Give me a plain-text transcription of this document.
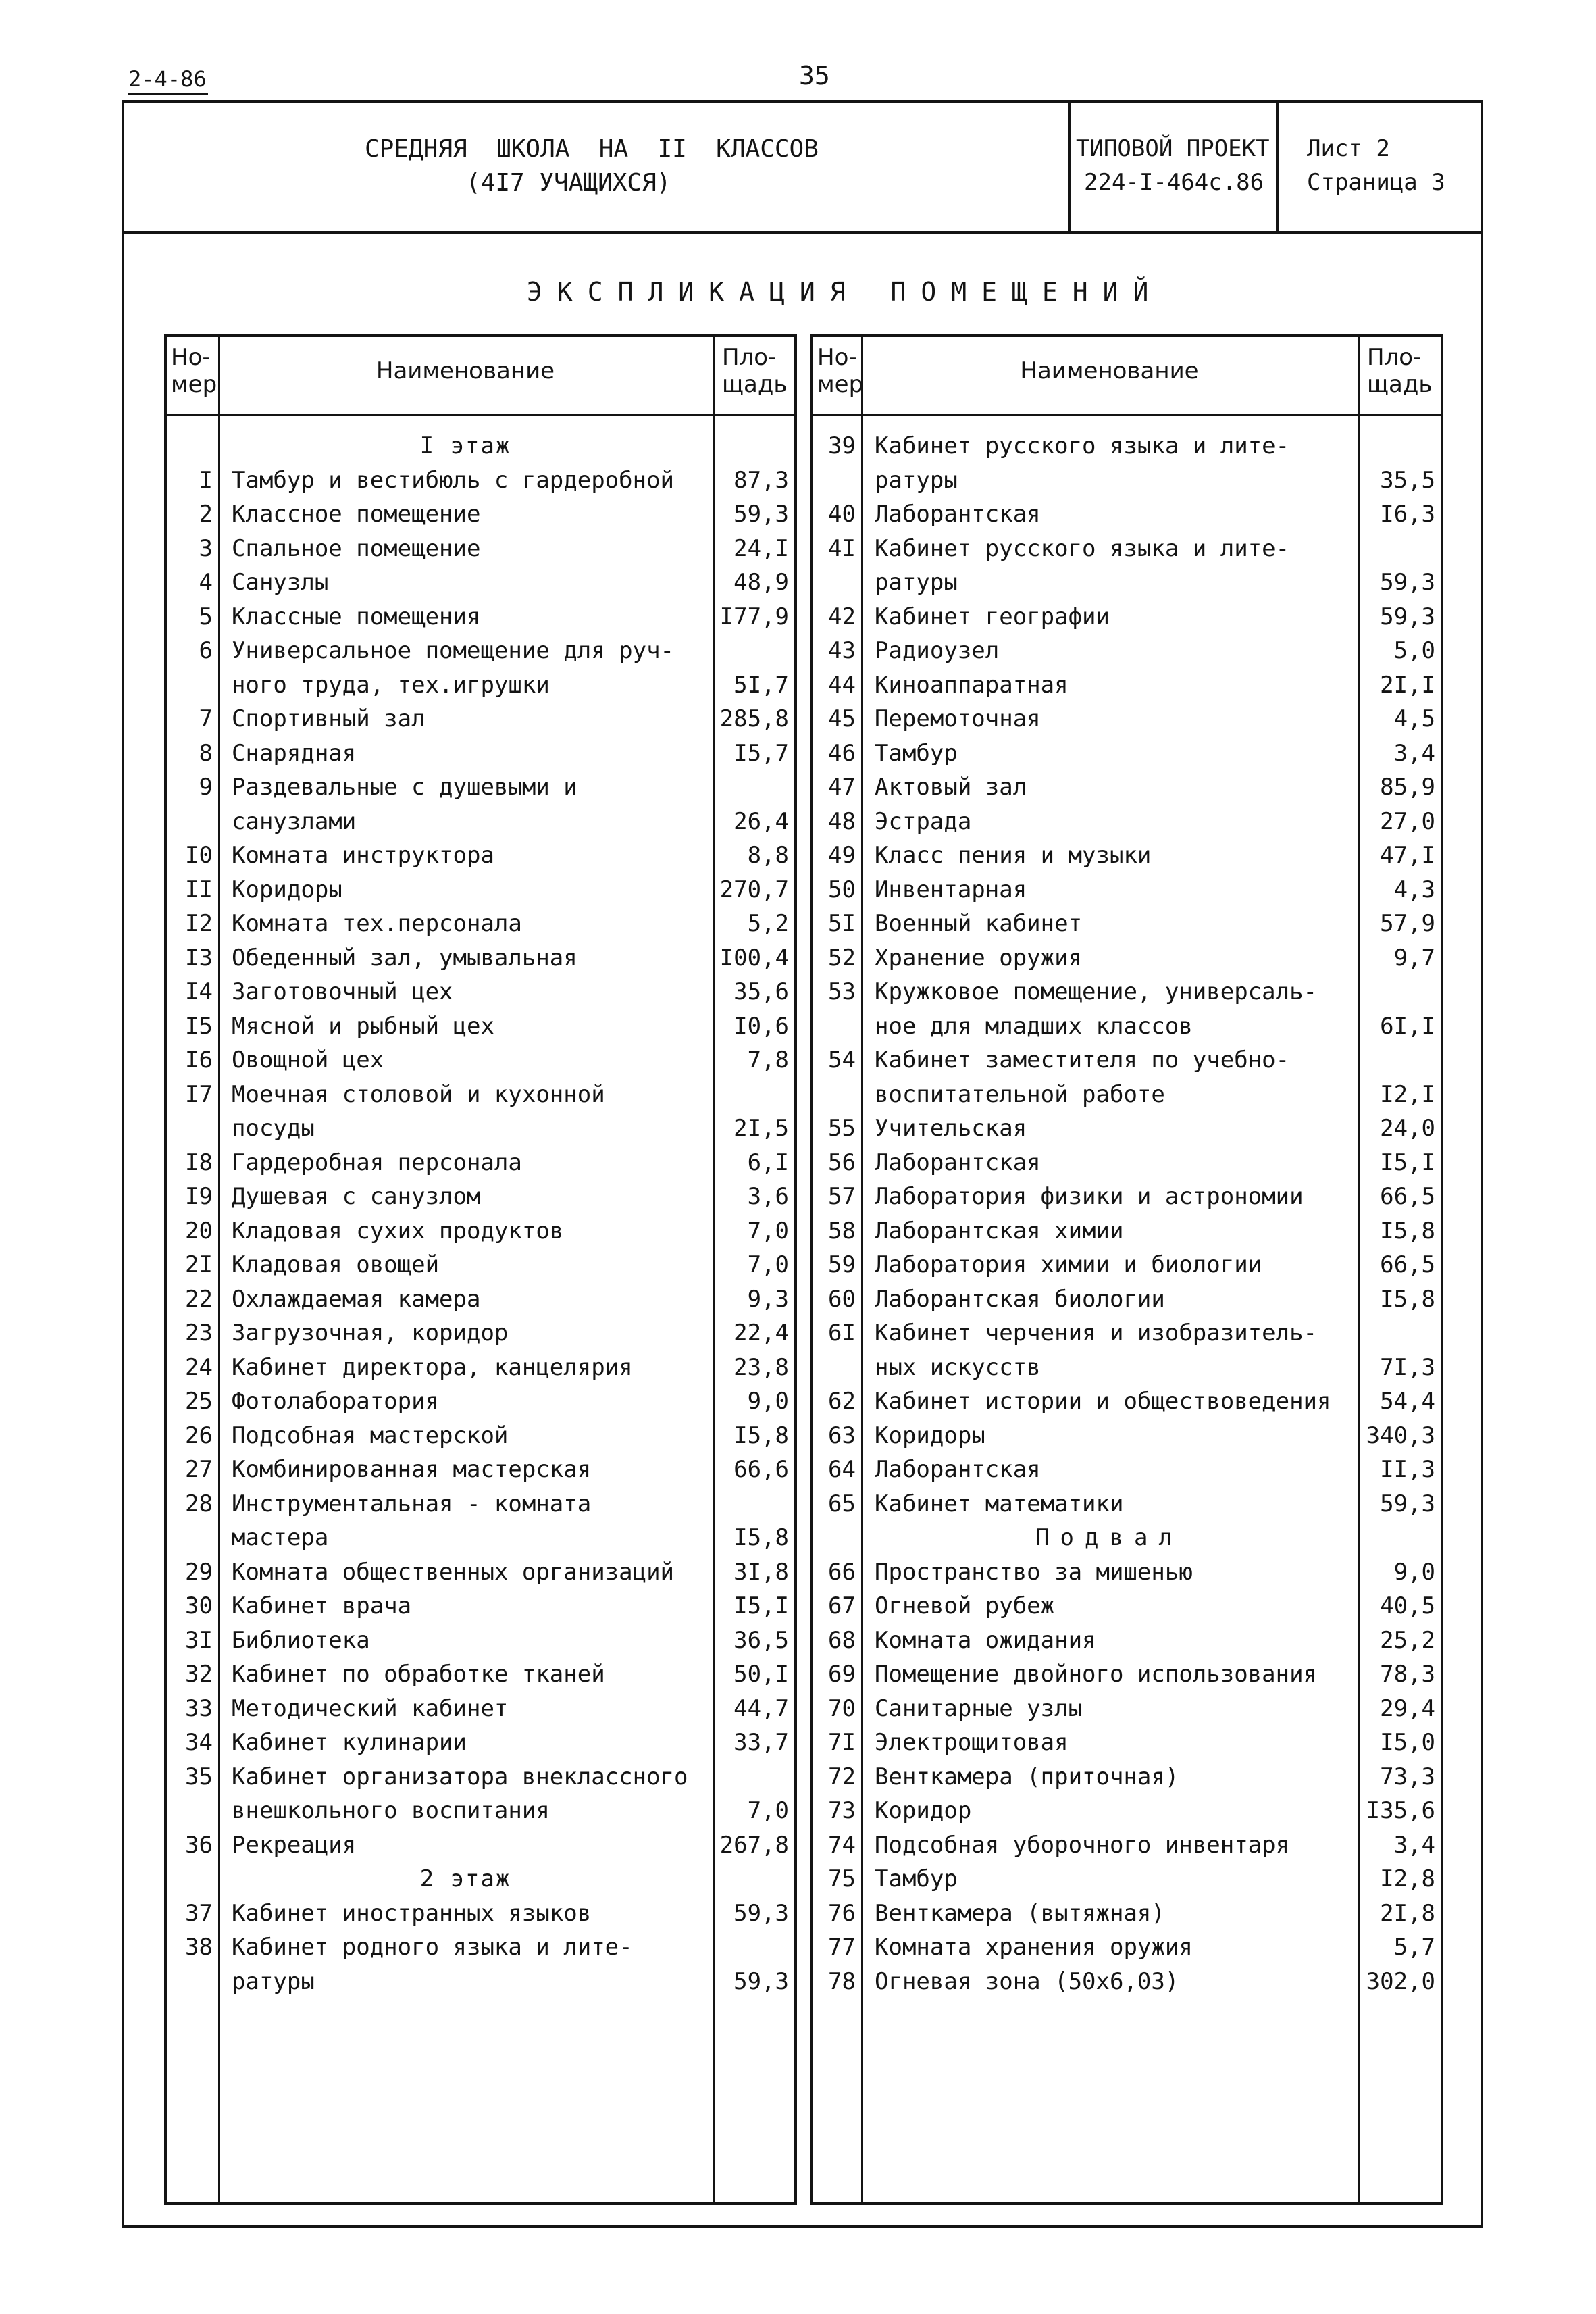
2-4-86	35
СРЕДНЯЯ  ШКОЛА  НА  II  КЛАССОВ
(4I7 УЧАЩИХСЯ)
ТИПОВОЙ ПРОЕКТ
224-I-464с.86
Лист 2
Страница 3
ЭКСПЛИКАЦИЯ ПОМЕЩЕНИЙ
Но-
мер	Наименование	Пло-
щадь
I этаж
I Тамбур и вестибюль с гардеробной	87,3
2 Классное помещение	59,3
3 Спальное помещение	24,I
4 Санузлы	48,9
5 Классные помещения	I77,9
6 Универсальное помещение для руч-
ного труда, тех.игрушки	5I,7
7 Спортивный зал	285,8
8 Снарядная	I5,7
9 Раздевальные с душевыми и
санузлами	26,4
I0 Комната инструктора	8,8
II Коридоры	270,7
I2 Комната тех.персонала	5,2
I3 Обеденный зал, умывальная	I00,4
I4 Заготовочный цех	35,6
I5 Мясной и рыбный цех	I0,6
I6 Овощной цех	7,8
I7 Моечная столовой и кухонной
посуды	2I,5
I8 Гардеробная персонала	6,I
I9 Душевая с санузлом	3,6
20 Кладовая сухих продуктов	7,0
2I Кладовая овощей	7,0
22 Охлаждаемая камера	9,3
23 Загрузочная, коридор	22,4
24 Кабинет директора, канцелярия	23,8
25 Фотолаборатория	9,0
26 Подсобная мастерской	I5,8
27 Комбинированная мастерская	66,6
28 Инструментальная - комната
мастера	I5,8
29 Комната общественных организаций	3I,8
30 Кабинет врача	I5,I
3I Библиотека	36,5
32 Кабинет по обработке тканей	50,I
33 Методический кабинет	44,7
34 Кабинет кулинарии	33,7
35 Кабинет организатора внеклассного
внешкольного воспитания	7,0
36 Рекреация	267,8
2 этаж
37 Кабинет иностранных языков	59,3
38 Кабинет родного языка и лите-
ратуры	59,3
Но-
мер	Наименование	Пло-
щадь
39 Кабинет русского языка и лите-
ратуры	35,5
40 Лаборантская	I6,3
4I Кабинет русского языка и лите-
ратуры	59,3
42 Кабинет географии	59,3
43 Радиоузел	5,0
44 Киноаппаратная	2I,I
45 Перемоточная	4,5
46 Тамбур	3,4
47 Актовый зал	85,9
48 Эстрада	27,0
49 Класс пения и музыки	47,I
50 Инвентарная	4,3
5I Военный кабинет	57,9
52 Хранение оружия	9,7
53 Кружковое помещение, универсаль-
ное для младших классов	6I,I
54 Кабинет заместителя по учебно-
воспитательной работе	I2,I
55 Учительская	24,0
56 Лаборантская	I5,I
57 Лаборатория физики и астрономии	66,5
58 Лаборантская химии	I5,8
59 Лаборатория химии и биологии	66,5
60 Лаборантская биологии	I5,8
6I Кабинет черчения и изобразитель-
ных искусств	7I,3
62 Кабинет истории и обществоведения	54,4
63 Коридоры	340,3
64 Лаборантская	II,3
65 Кабинет математики	59,3
Подвал
66 Пространство за мишенью	9,0
67 Огневой рубеж	40,5
68 Комната ожидания	25,2
69 Помещение двойного использования	78,3
70 Санитарные узлы	29,4
7I Электрощитовая	I5,0
72 Венткамера (приточная)	73,3
73 Коридор	I35,6
74 Подсобная уборочного инвентаря	3,4
75 Тамбур	I2,8
76 Венткамера (вытяжная)	2I,8
77 Комната хранения оружия	5,7
78 Огневая зона (50х6,03)	302,0
